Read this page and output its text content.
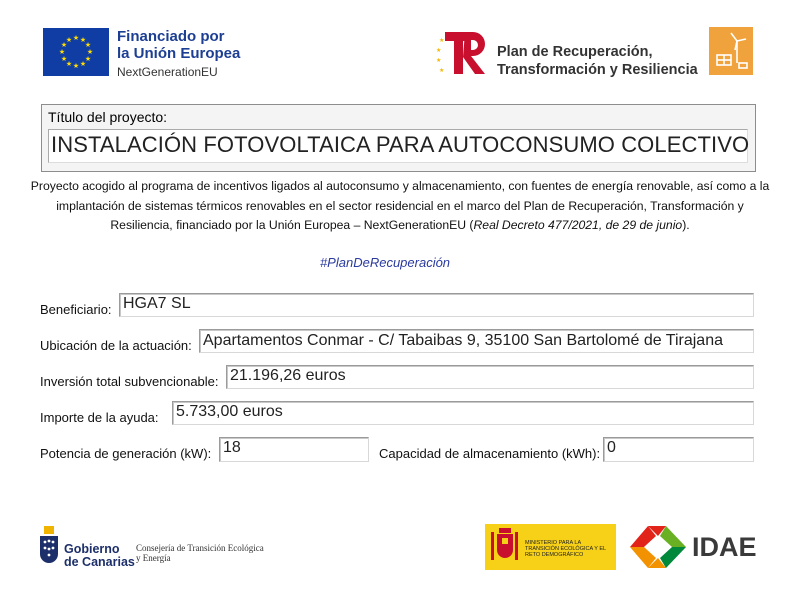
★ ★
★
★
★
★
★
★
★
★
★
★	Financiado por
la Unión Europea
NextGenerationEU
★
★
★
★
Plan de Recuperación,
Transformación y Resiliencia
Título del proyecto:
INSTALACIÓN FOTOVOLTAICA PARA AUTOCONSUMO COLECTIVO
Proyecto acogido al programa de incentivos ligados al autoconsumo y almacenamiento, con fuentes de energía renovable, así como a la implantación de sistemas térmicos renovables en el sector residencial en el marco del Plan de Recuperación, Transformación y Resiliencia, financiado por la Unión Europea – NextGenerationEU (Real Decreto 477/2021, de 29 de junio).
#PlanDeRecuperación
Beneficiario: HGA7 SL
Ubicación de la actuación: Apartamentos Conmar - C/ Tabaibas 9, 35100 San Bartolomé de Tirajana
Inversión total subvencionable: 21.196,26 euros
Importe de la ayuda: 5.733,00 euros
Potencia de generación (kW): 18	Capacidad de almacenamiento (kWh): 0
Gobierno
de Canarias
Consejería de Transición Ecológica
y Energía
MINISTERIO PARA LA TRANSICIÓN ECOLÓGICA Y EL RETO DEMOGRÁFICO	IDAE
